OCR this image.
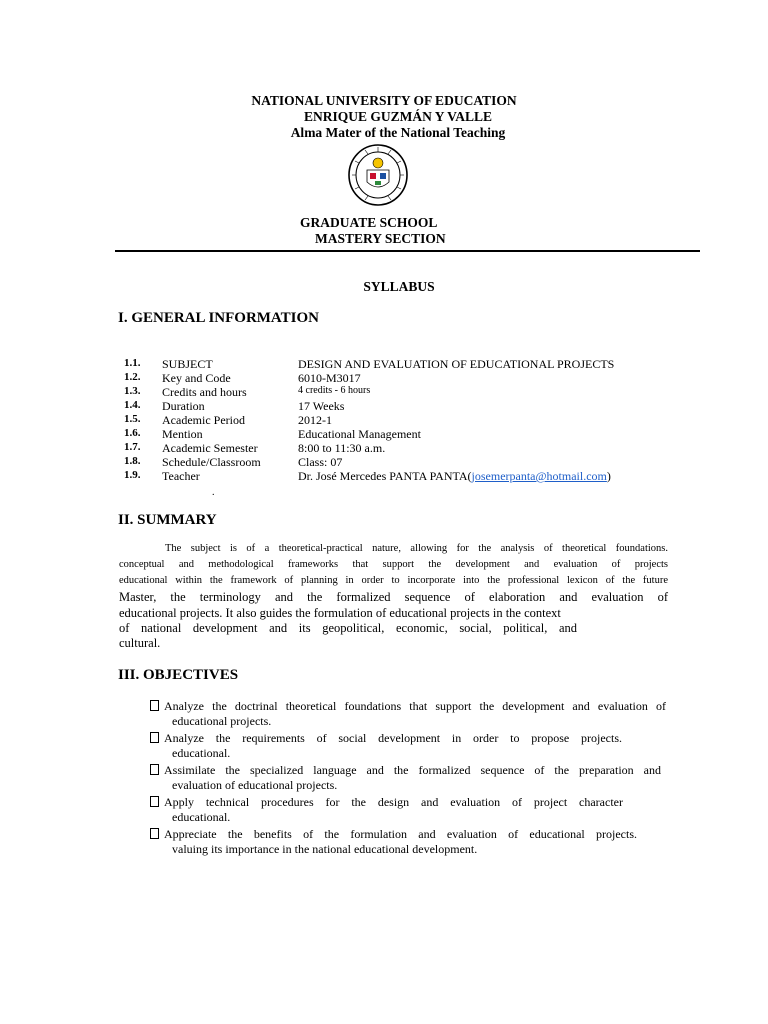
NATIONAL UNIVERSITY OF EDUCATION
ENRIQUE GUZMÁN Y VALLE
Alma Mater of the National Teaching
GRADUATE SCHOOL
MASTERY SECTION
SYLLABUS
I. GENERAL INFORMATION
1.1. SUBJECT	DESIGN AND EVALUATION OF EDUCATIONAL PROJECTS
1.2. Key and Code	6010-M3017
1.3. Credits and hours	4 credits - 6 hours
1.4. Duration	17 Weeks
1.5. Academic Period	2012-1
1.6. Mention	Educational Management
1.7. Academic Semester	8:00 to 11:30 a.m.
1.8. Schedule/Classroom	Class: 07
1.9. Teacher	Dr. José Mercedes PANTA PANTA(josemerpanta@hotmail.com)
.
II. SUMMARY
The subject is of a theoretical-practical nature, allowing for the analysis of theoretical foundations.
conceptual and methodological frameworks that support the development and evaluation of projects
educational within the framework of planning in order to incorporate into the professional lexicon of the future
Master, the terminology and the formalized sequence of elaboration and evaluation of
educational projects. It also guides the formulation of educational projects in the context
of national development and its geopolitical, economic, social, political, and
cultural.
III. OBJECTIVES
Analyze the doctrinal theoretical foundations that support the development and evaluation of
educational projects.
Analyze the requirements of social development in order to propose projects.
educational.
Assimilate the specialized language and the formalized sequence of the preparation and
evaluation of educational projects.
Apply technical procedures for the design and evaluation of project character
educational.
Appreciate the benefits of the formulation and evaluation of educational projects.
valuing its importance in the national educational development.
